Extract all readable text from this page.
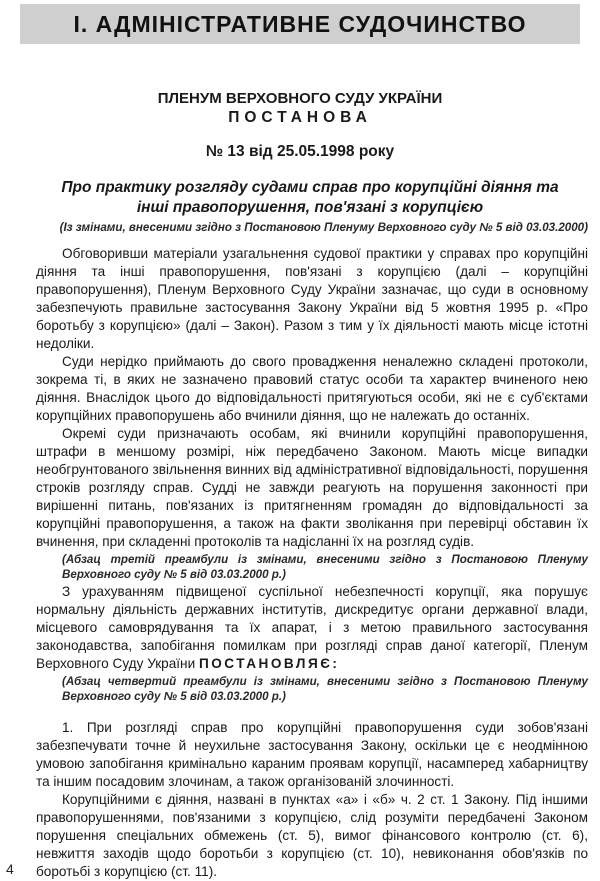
І. АДМІНІСТРАТИВНЕ СУДОЧИНСТВО
ПЛЕНУМ ВЕРХОВНОГО СУДУ УКРАЇНИ
ПОСТАНОВА
№ 13 від 25.05.1998 року
Про практику розгляду судами справ про корупційні діяння та інші правопорушення, пов'язані з корупцією

(Із змінами, внесеними згідно з Постановою Пленуму Верховного суду № 5 від 03.03.2000)

Обговоривши матеріали узагальнення судової практики у справах про корупційні діяння та інші правопорушення, пов'язані з корупцією (далі – корупційні правопорушення), Пленум Верховного Суду України зазначає, що суди в основному забезпечують правильне застосування Закону України від 5 жовтня 1995 р. «Про боротьбу з корупцією» (далі – Закон). Разом з тим у їх діяльності мають місце істотні недоліки.

Суди нерідко приймають до свого провадження неналежно складені протоколи, зокрема ті, в яких не зазначено правовий статус особи та характер вчиненого нею діяння. Внаслідок цього до відповідальності притягуються особи, які не є суб'єктами корупційних правопорушень або вчинили діяння, що не належать до останніх.

Окремі суди призначають особам, які вчинили корупційні правопорушення, штрафи в меншому розмірі, ніж передбачено Законом. Мають місце випадки необгрунтованого звільнення винних від адміністративної відповідальності, порушення строків розгляду справ. Судді не завжди реагують на порушення законності при вирішенні питань, пов'язаних із притягненням громадян до відповідальності за корупційні правопорушення, а також на факти зволікання при перевірці обставин їх вчинення, при складенні протоколів та надісланні їх на розгляд судів.

(Абзац третій преамбули із змінами, внесеними згідно з Постановою Пленуму Верховного суду № 5 від 03.03.2000 р.)

З урахуванням підвищеної суспільної небезпечності корупції, яка порушує нормальну діяльність державних інститутів, дискредитує органи державної влади, місцевого самоврядування та їх апарат, і з метою правильного застосування законодавства, запобігання помилкам при розгляді справ даної категорії, Пленум Верховного Суду України ПОСТАНОВЛЯЄ:

(Абзац четвертий преамбули із змінами, внесеними згідно з Постановою Пленуму Верховного суду № 5 від 03.03.2000 р.)

1. При розгляді справ про корупційні правопорушення суди зобов'язані забезпечувати точне й неухильне застосування Закону, оскільки це є неодмінною умовою запобігання кримінально караним проявам корупції, насамперед хабарництву та іншим посадовим злочинам, а також організованій злочинності.

Корупційними є діяння, названі в пунктах «а» і «б» ч. 2 ст. 1 Закону. Під іншими правопорушеннями, пов'язаними з корупцією, слід розуміти передбачені Законом порушення спеціальних обмежень (ст. 5), вимог фінансового контролю (ст. 6), невжиття заходів щодо боротьби з корупцією (ст. 10), невиконання обов'язків по боротьбі з корупцією (ст. 11).

4
